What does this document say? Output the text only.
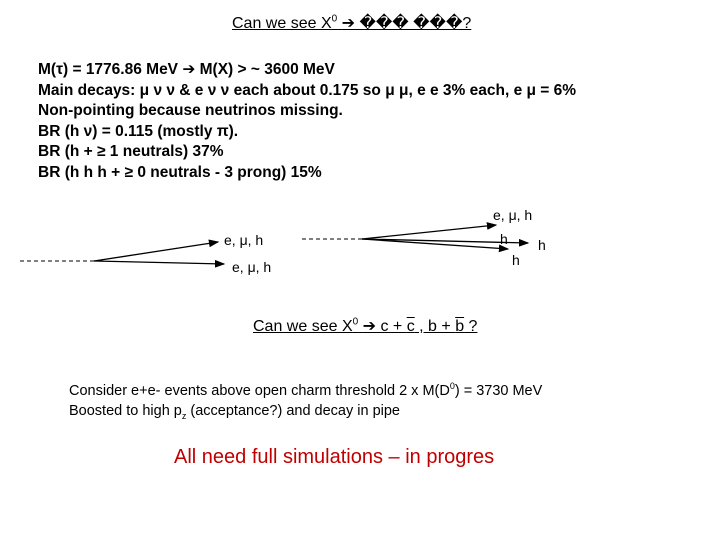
Can we see $X^0$ ➔ ��� ���?
M(τ) = 1776.86 MeV ➔ M(X) > ~ 3600 MeV
Main decays: μ ν ν & e ν ν each about 0.175 so μ μ, e e 3% each, e μ = 6%
Non-pointing because neutrinos missing.
BR (h ν) = 0.115 (mostly π).
BR (h + ≥ 1 neutrals) 37%
BR (h h h + ≥ 0 neutrals - 3 prong) 15%
e, μ, h
e, μ, h
e, μ, h
h h
h
Can we see $X^0$ ➔ c + c , b + b ?
Consider e+e- events above open charm threshold 2 x $M(D^0) = 3730$ MeV
Boosted to high $p_z$ (acceptance?) and decay in pipe
All need full simulations – in progres
